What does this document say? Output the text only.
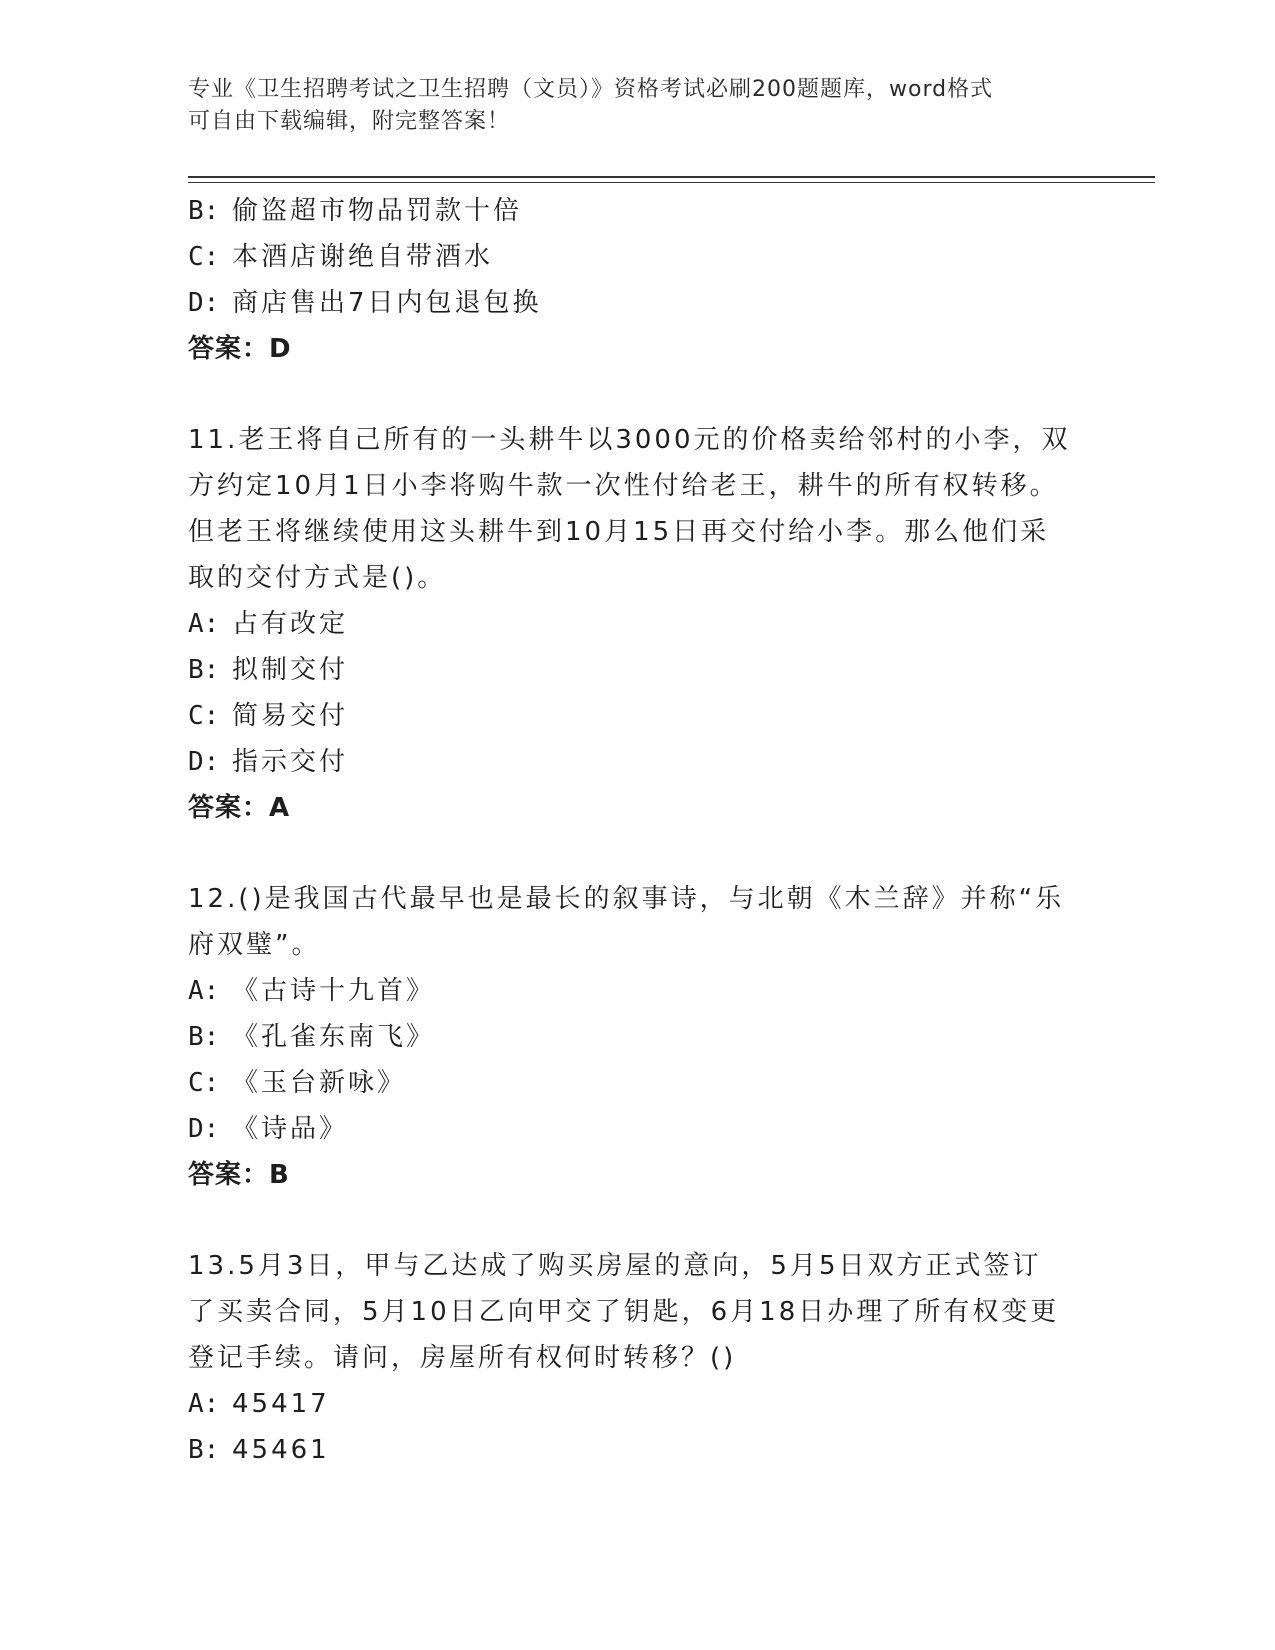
专业《卫生招聘考试之卫生招聘（文员）》资格考试必刷200题题库，word格式
可自由下载编辑，附完整答案！
B: 偷盗超市物品罚款十倍
C: 本酒店谢绝自带酒水
D: 商店售出7日内包退包换
答案：D
11.老王将自己所有的一头耕牛以3000元的价格卖给邻村的小李，双
方约定10月1日小李将购牛款一次性付给老王，耕牛的所有权转移。
但老王将继续使用这头耕牛到10月15日再交付给小李。那么他们采
取的交付方式是()。
A: 占有改定
B: 拟制交付
C: 简易交付
D: 指示交付
答案：A
12.()是我国古代最早也是最长的叙事诗，与北朝《木兰辞》并称“乐
府双璧”。
A: 《古诗十九首》
B: 《孔雀东南飞》
C: 《玉台新咏》
D: 《诗品》
答案：B
13.5月3日，甲与乙达成了购买房屋的意向，5月5日双方正式签订
了买卖合同，5月10日乙向甲交了钥匙，6月18日办理了所有权变更
登记手续。请问，房屋所有权何时转移？()
A: 45417
B: 45461
